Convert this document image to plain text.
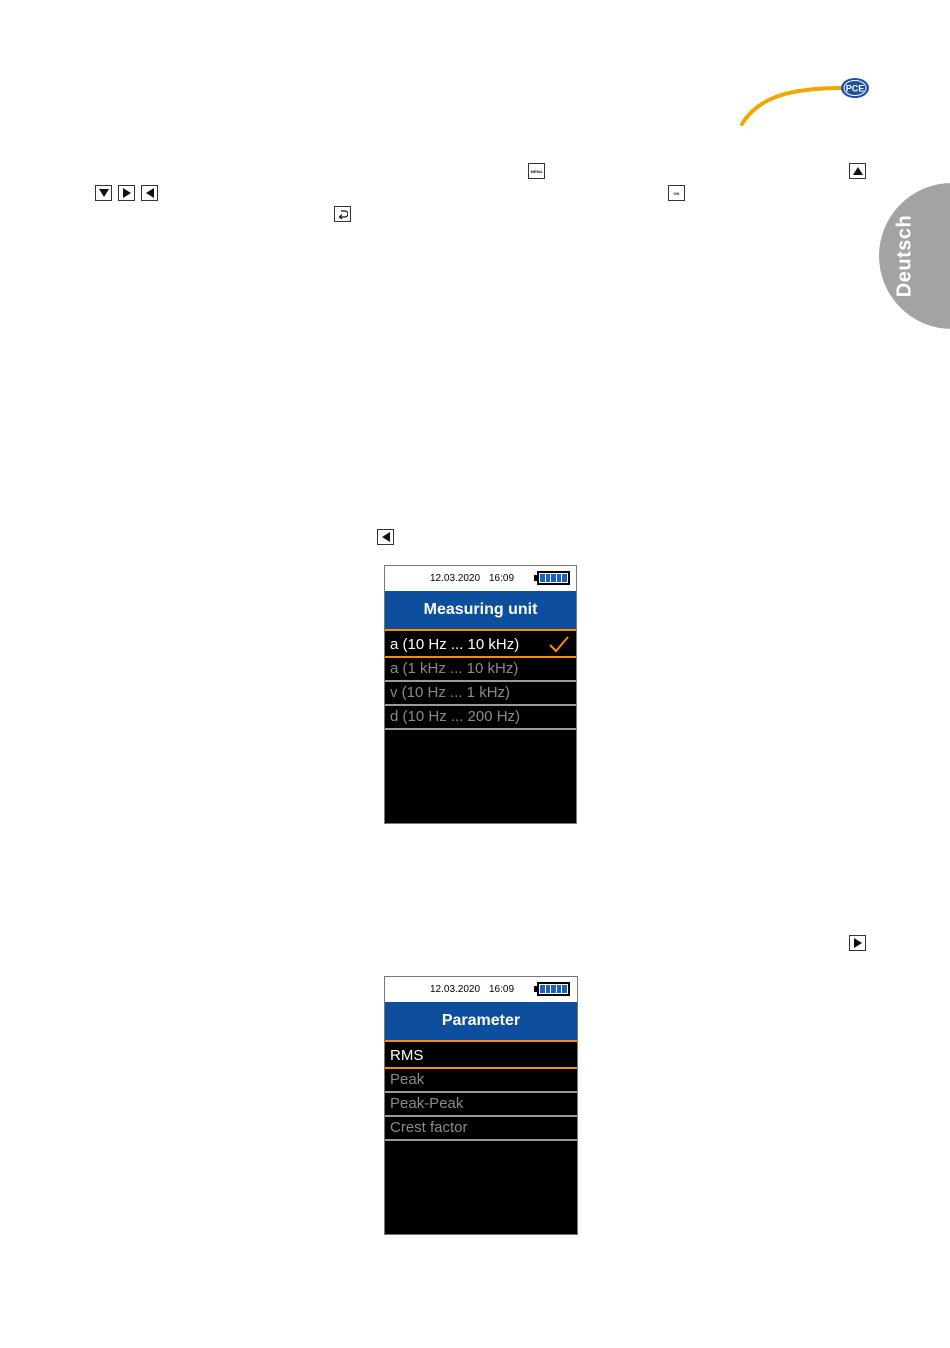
PCE
Deutsch
MENU
OK
12.03.2020 16:09
Measuring unit
a (10 Hz ... 10 kHz)
a (1 kHz ... 10 kHz)
v (10 Hz ... 1 kHz)
d (10 Hz ... 200 Hz)
12.03.2020 16:09
Parameter
RMS
Peak
Peak-Peak
Crest factor
